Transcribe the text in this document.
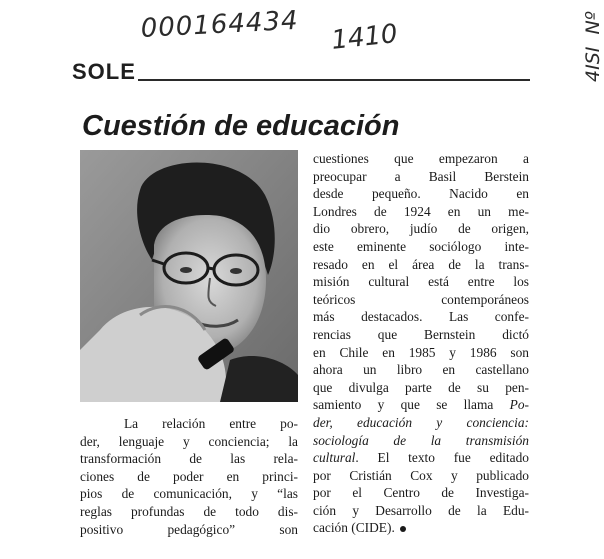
000164434 1410
4ISI  Nº
SOLE
Cuestión de educación
La relación entre po-
der, lenguaje y conciencia; la
transformación de las rela-
ciones de poder en princi-
pios de comunicación, y “las
reglas profundas de todo dis-
positivo pedagógico” son
cuestiones que empezaron a
preocupar a Basil Berstein
desde pequeño. Nacido en
Londres de 1924 en un me-
dio obrero, judío de origen,
este eminente sociólogo inte-
resado en el área de la trans-
misión cultural está entre los
teóricos contemporáneos
más destacados. Las confe-
rencias que Bernstein dictó
en Chile en 1985 y 1986 son
ahora un libro en castellano
que divulga parte de su pen-
samiento y que se llama Po-
der, educación y conciencia:
sociología de la transmisión
cultural. El texto fue editado
por Cristián Cox y publicado
por el Centro de Investiga-
ción y Desarrollo de la Edu-
cación (CIDE).
